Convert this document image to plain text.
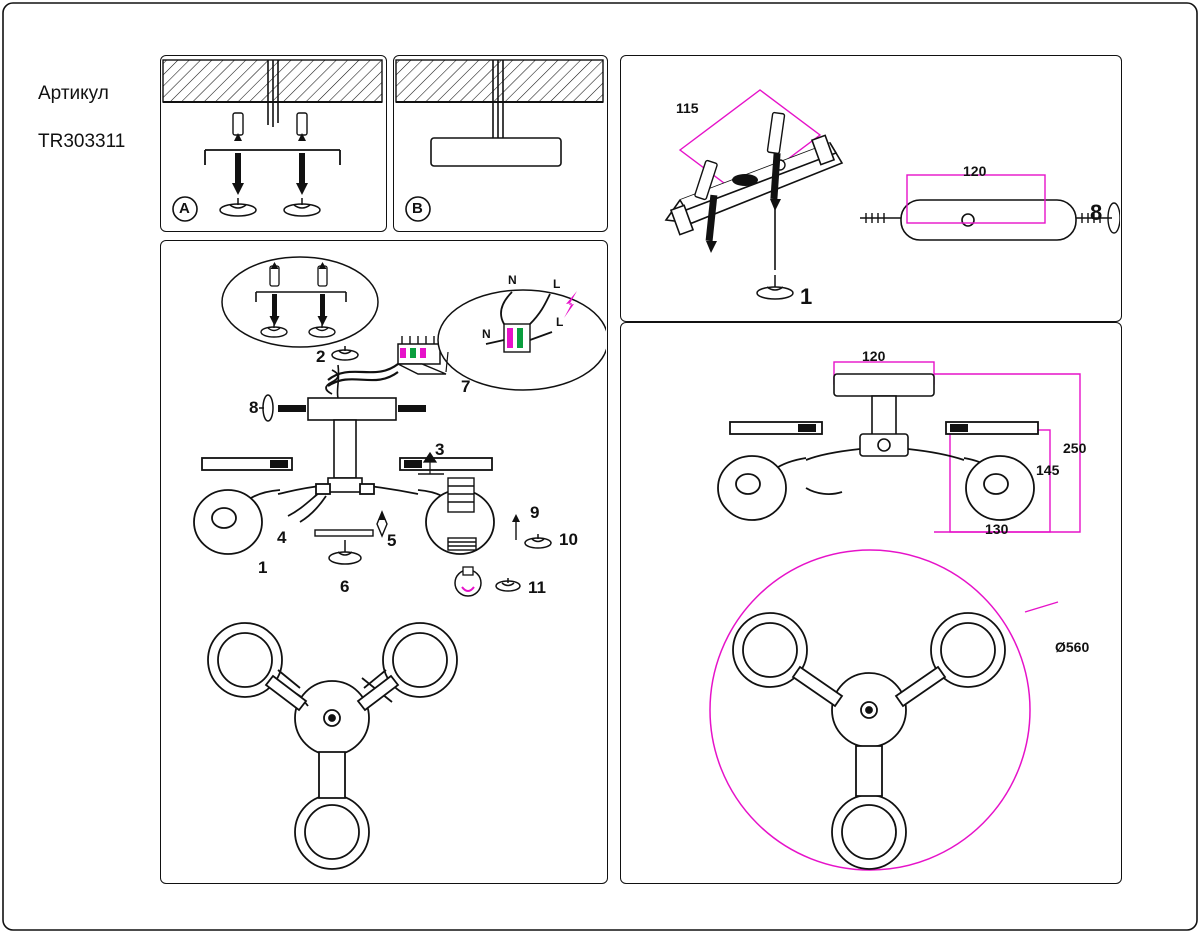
Артикул

TR303311

A	B
N	L
N
L
1
2
3
4	5
6
7
8
9
10
11
115
120
1
8
120
250
145
130
Ø560
